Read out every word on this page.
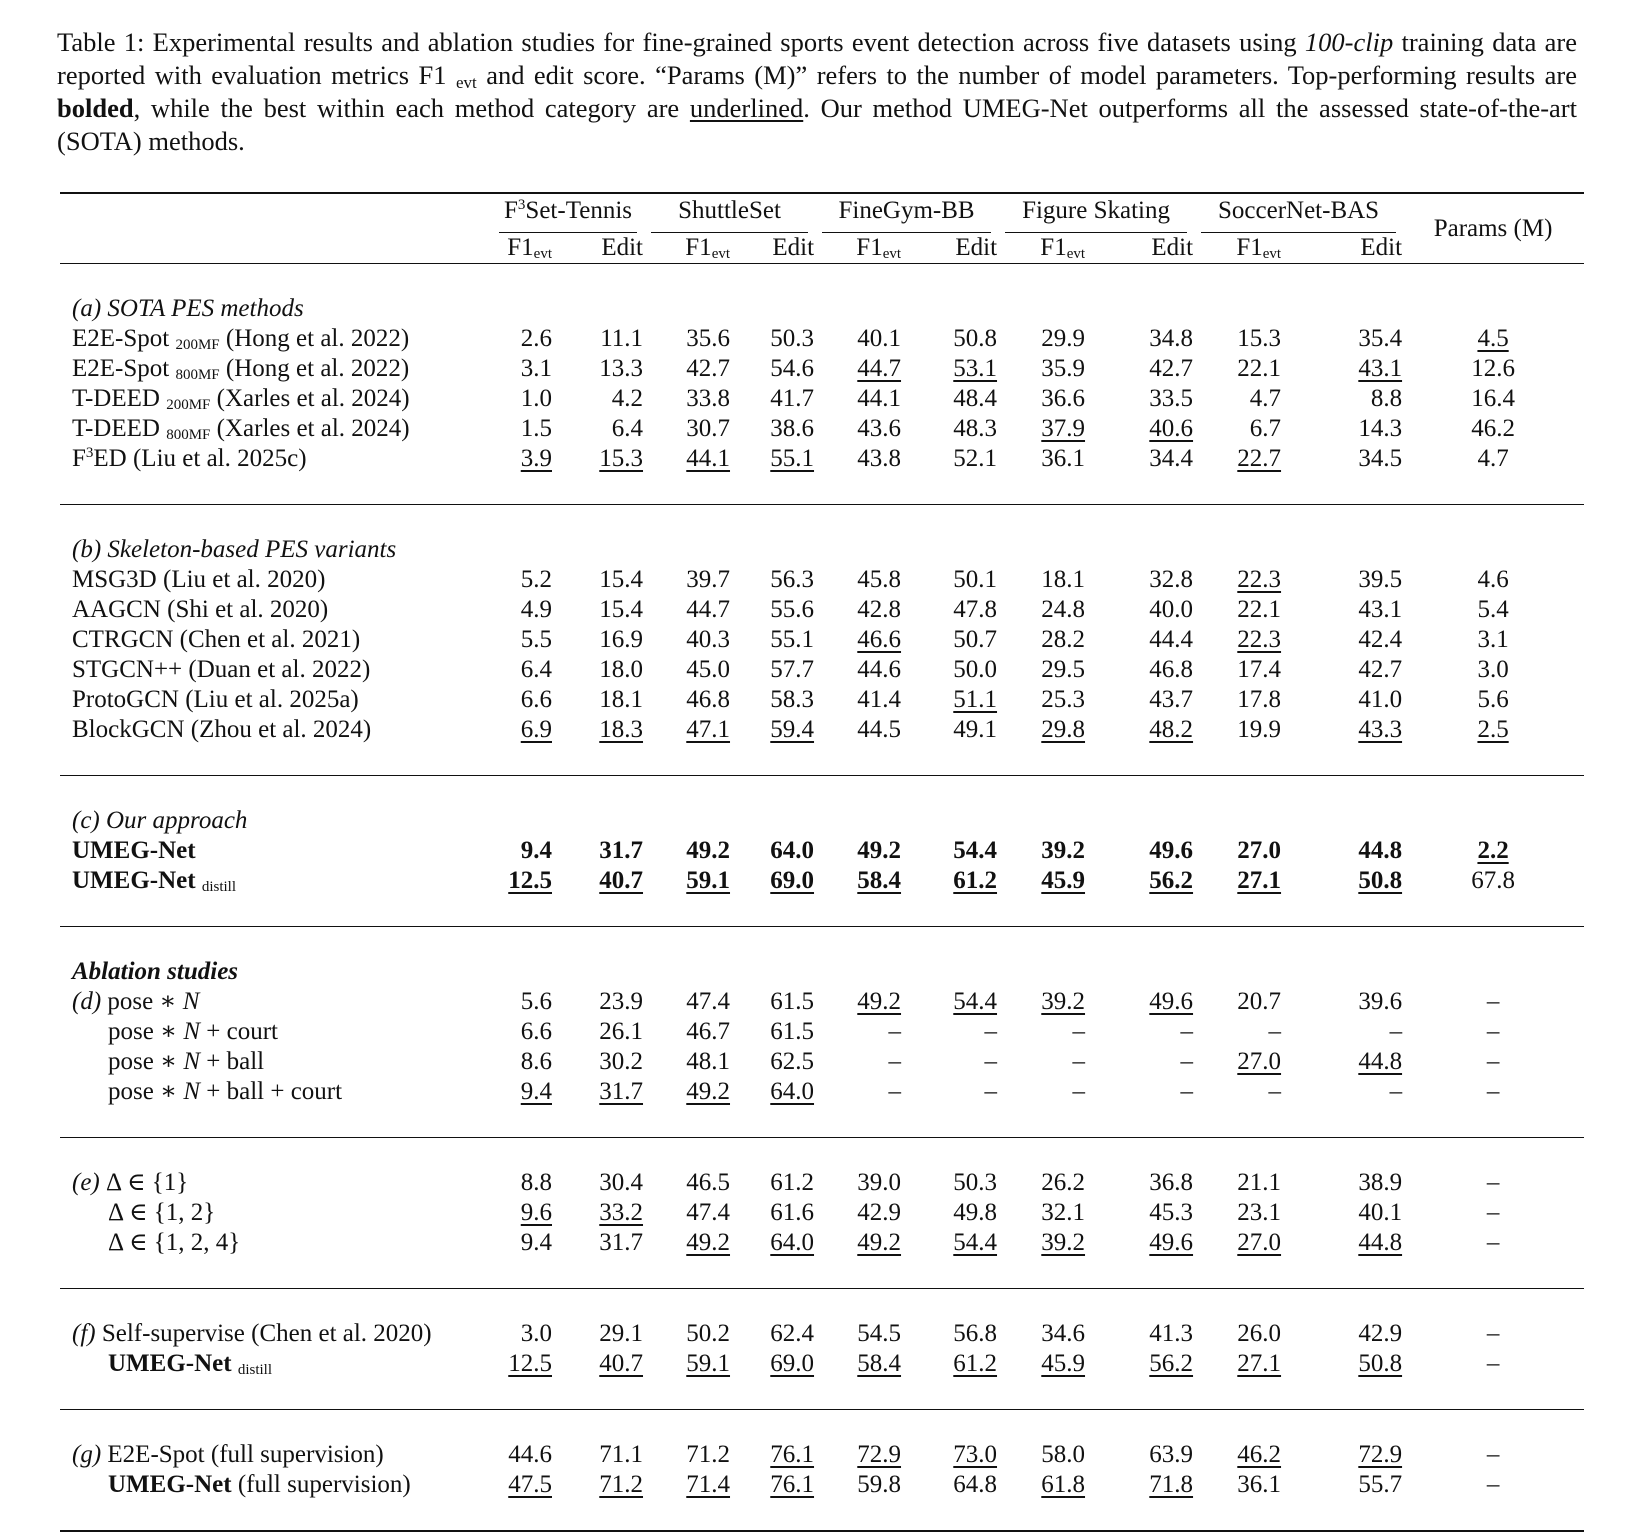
Table 1: Experimental results and ablation studies for fine-grained sports event detection across five datasets using 100-clip training data are reported with evaluation metrics F1 $_{evt}$ and edit score. “Params (M)” refers to the number of model parameters. Top-performing results are bolded, while the best within each method category are underlined. Our method UMEG-Net outperforms all the assessed state-of-the-art (SOTA) methods.

	$F^3Set$-Tennis		ShuttleSet		FineGym-BB		Figure Skating		SoccerNet-BAS		Params (M)
	$F1_{evt}$	Edit	$F1_{evt}$	Edit	$F1_{evt}$	Edit	$F1_{evt}$	Edit	$F1_{evt}$	Edit	

(a) SOTA PES methods											
E2E-Spot $_{200MF}$ (Hong et al. 2022)	2.6	11.1	35.6	50.3	40.1	50.8	29.9	34.8	15.3	35.4	4.5
E2E-Spot $_{800MF}$ (Hong et al. 2022)	3.1	13.3	42.7	54.6	44.7	53.1	35.9	42.7	22.1	43.1	12.6
T-DEED $_{200MF}$ (Xarles et al. 2024)	1.0	4.2	33.8	41.7	44.1	48.4	36.6	33.5	4.7	8.8	16.4
T-DEED $_{800MF}$ (Xarles et al. 2024)	1.5	6.4	30.7	38.6	43.6	48.3	37.9	40.6	6.7	14.3	46.2
$F^3ED$ (Liu et al. 2025c)	3.9	15.3	44.1	55.1	43.8	52.1	36.1	34.4	22.7	34.5	4.7

(b) Skeleton-based PES variants											
MSG3D (Liu et al. 2020)	5.2	15.4	39.7	56.3	45.8	50.1	18.1	32.8	22.3	39.5	4.6
AAGCN (Shi et al. 2020)	4.9	15.4	44.7	55.6	42.8	47.8	24.8	40.0	22.1	43.1	5.4
CTRGCN (Chen et al. 2021)	5.5	16.9	40.3	55.1	46.6	50.7	28.2	44.4	22.3	42.4	3.1
STGCN++ (Duan et al. 2022)	6.4	18.0	45.0	57.7	44.6	50.0	29.5	46.8	17.4	42.7	3.0
ProtoGCN (Liu et al. 2025a)	6.6	18.1	46.8	58.3	41.4	51.1	25.3	43.7	17.8	41.0	5.6
BlockGCN (Zhou et al. 2024)	6.9	18.3	47.1	59.4	44.5	49.1	29.8	48.2	19.9	43.3	2.5

(c) Our approach											
UMEG-Net	9.4	31.7	49.2	64.0	49.2	54.4	39.2	49.6	27.0	44.8	2.2
UMEG-Net $_{distill}$	12.5	40.7	59.1	69.0	58.4	61.2	45.9	56.2	27.1	50.8	67.8

Ablation studies											
(d) pose ∗ N	5.6	23.9	47.4	61.5	49.2	54.4	39.2	49.6	20.7	39.6	–
pose ∗ N + court	6.6	26.1	46.7	61.5	–	–	–	–	–	–	–
pose ∗ N + ball	8.6	30.2	48.1	62.5	–	–	–	–	27.0	44.8	–
pose ∗ N + ball + court	9.4	31.7	49.2	64.0	–	–	–	–	–	–	–

(e) Δ ∈ {1}	8.8	30.4	46.5	61.2	39.0	50.3	26.2	36.8	21.1	38.9	–
Δ ∈ {1, 2}	9.6	33.2	47.4	61.6	42.9	49.8	32.1	45.3	23.1	40.1	–
Δ ∈ {1, 2, 4}	9.4	31.7	49.2	64.0	49.2	54.4	39.2	49.6	27.0	44.8	–

(f) Self-supervise (Chen et al. 2020)	3.0	29.1	50.2	62.4	54.5	56.8	34.6	41.3	26.0	42.9	–
UMEG-Net $_{distill}$	12.5	40.7	59.1	69.0	58.4	61.2	45.9	56.2	27.1	50.8	–

(g) E2E-Spot (full supervision)	44.6	71.1	71.2	76.1	72.9	73.0	58.0	63.9	46.2	72.9	–
UMEG-Net (full supervision)	47.5	71.2	71.4	76.1	59.8	64.8	61.8	71.8	36.1	55.7	–
